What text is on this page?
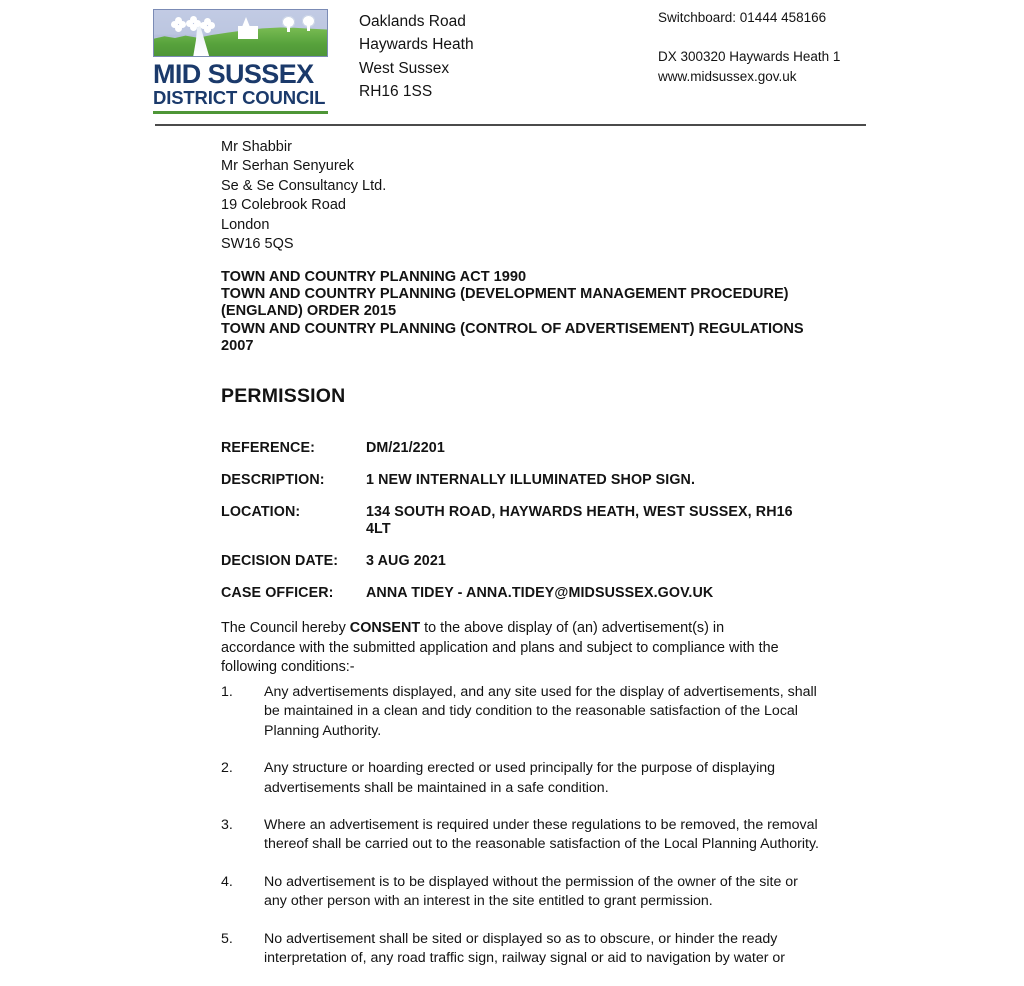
MID SUSSEX
DISTRICT COUNCIL
Oaklands Road
Haywards Heath
West Sussex
RH16 1SS
Switchboard: 01444 458166
DX 300320 Haywards Heath 1
www.midsussex.gov.uk
Mr Shabbir
Mr Serhan Senyurek
Se & Se Consultancy Ltd.
19 Colebrook Road
London
SW16 5QS
TOWN AND COUNTRY PLANNING ACT 1990
TOWN AND COUNTRY PLANNING (DEVELOPMENT MANAGEMENT PROCEDURE) (ENGLAND) ORDER 2015
TOWN AND COUNTRY PLANNING (CONTROL OF ADVERTISEMENT) REGULATIONS 2007
PERMISSION
REFERENCE:	DM/21/2201
DESCRIPTION:	1 NEW INTERNALLY ILLUMINATED SHOP SIGN.
LOCATION:	134 SOUTH ROAD, HAYWARDS HEATH, WEST SUSSEX, RH16 4LT
DECISION DATE:	3 AUG 2021
CASE OFFICER:	ANNA TIDEY - ANNA.TIDEY@MIDSUSSEX.GOV.UK
The Council hereby CONSENT to the above display of (an) advertisement(s) in accordance with the submitted application and plans and subject to compliance with the following conditions:-
1.	Any advertisements displayed, and any site used for the display of advertisements, shall be maintained in a clean and tidy condition to the reasonable satisfaction of the Local Planning Authority.
2.	Any structure or hoarding erected or used principally for the purpose of displaying advertisements shall be maintained in a safe condition.
3.	Where an advertisement is required under these regulations to be removed, the removal thereof shall be carried out to the reasonable satisfaction of the Local Planning Authority.
4.	No advertisement is to be displayed without the permission of the owner of the site or any other person with an interest in the site entitled to grant permission.
5.	No advertisement shall be sited or displayed so as to obscure, or hinder the ready interpretation of, any road traffic sign, railway signal or aid to navigation by water or
